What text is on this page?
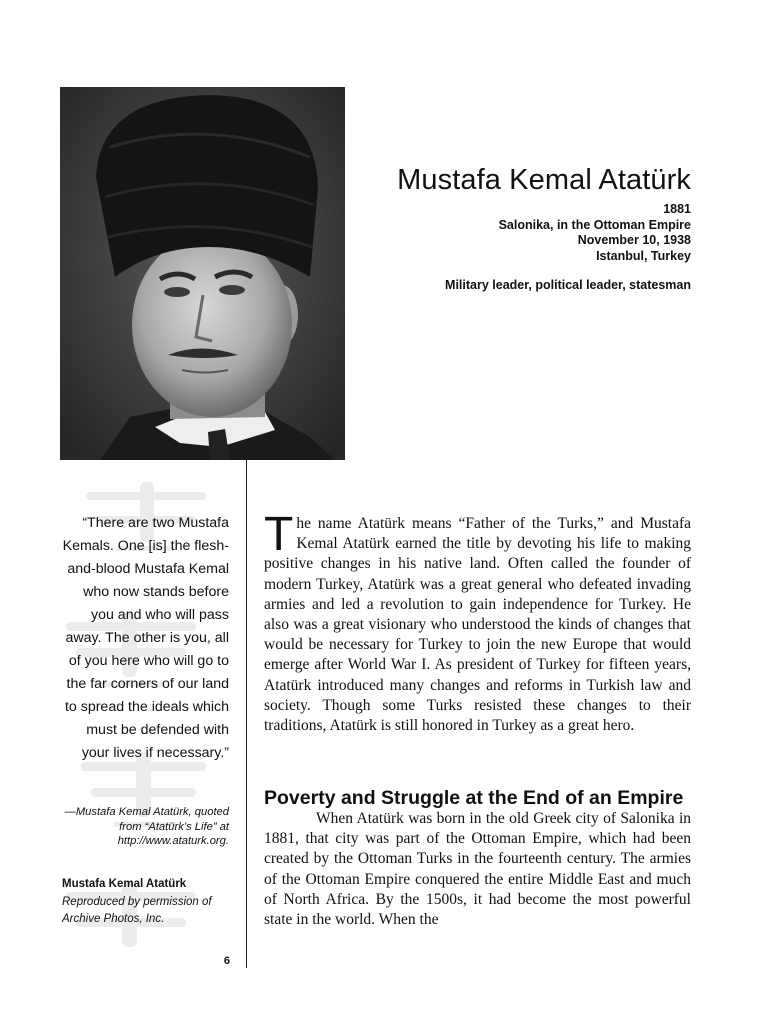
Mustafa Kemal Atatürk
1881
Salonika, in the Ottoman Empire
November 10, 1938
Istanbul, Turkey
Military leader, political leader, statesman
“There are two Mustafa Kemals. One [is] the flesh-and-blood Mustafa Kemal who now stands before you and who will pass away. The other is you, all of you here who will go to the far corners of our land to spread the ideals which must be defended with your lives if necessary.”
—Mustafa Kemal Atatürk, quoted from “Atatürk’s Life” at http://www.ataturk.org.
Mustafa Kemal Atatürk
Reproduced by permission of Archive Photos, Inc.
6
The name Atatürk means “Father of the Turks,” and Mustafa Kemal Atatürk earned the title by devoting his life to making positive changes in his native land. Often called the founder of modern Turkey, Atatürk was a great general who defeated invading armies and led a revolution to gain independence for Turkey. He also was a great visionary who understood the kinds of changes that would be necessary for Turkey to join the new Europe that would emerge after World War I. As president of Turkey for fifteen years, Atatürk introduced many changes and reforms in Turkish law and society. Though some Turks resisted these changes to their traditions, Atatürk is still honored in Turkey as a great hero.
Poverty and Struggle at the End of an Empire
When Atatürk was born in the old Greek city of Salonika in 1881, that city was part of the Ottoman Empire, which had been created by the Ottoman Turks in the fourteenth century. The armies of the Ottoman Empire conquered the entire Middle East and much of North Africa. By the 1500s, it had become the most powerful state in the world. When the
